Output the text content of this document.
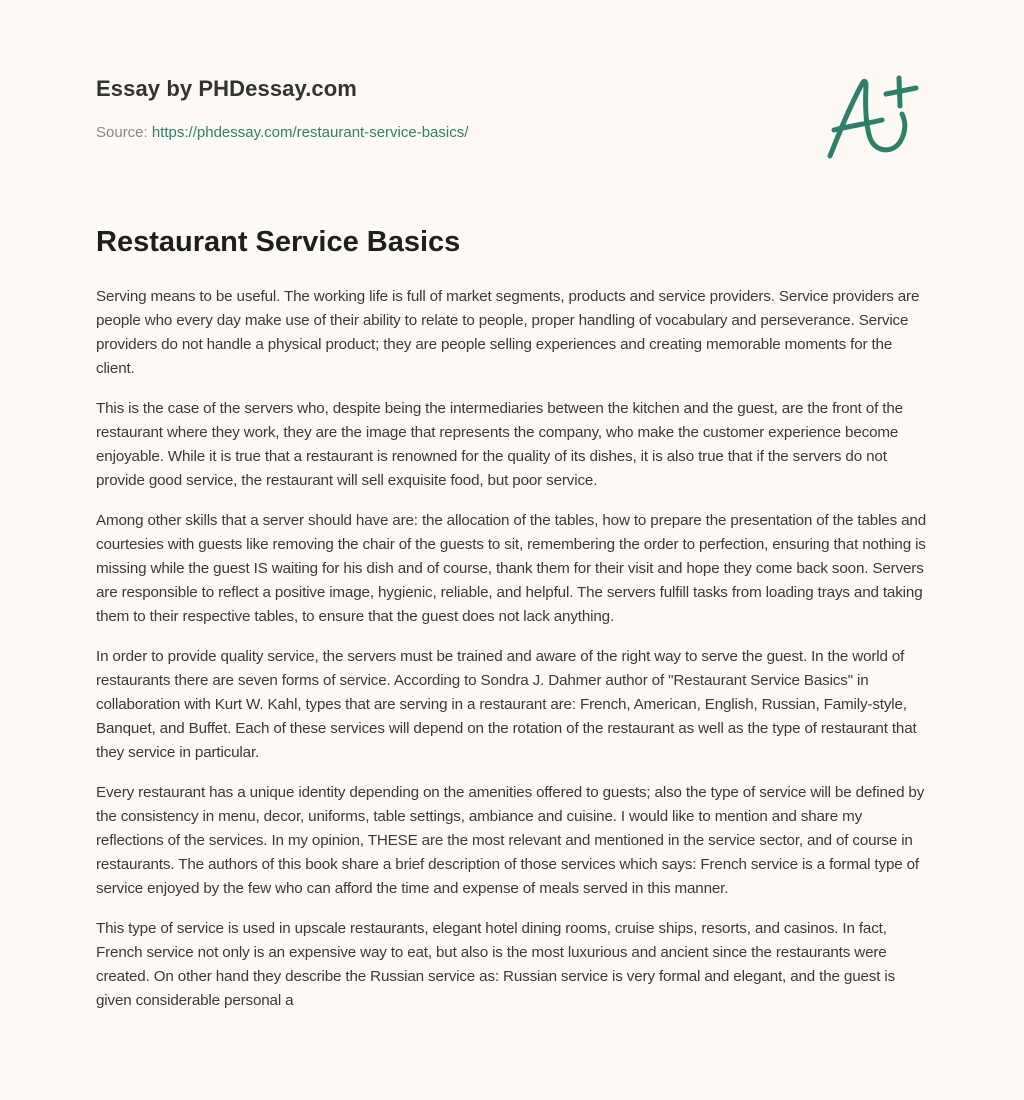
Essay by PHDessay.com
Source: https://phdessay.com/restaurant-service-basics/
Restaurant Service Basics

Serving means to be useful. The working life is full of market segments, products and service providers. Service providers are people who every day make use of their ability to relate to people, proper handling of vocabulary and perseverance. Service providers do not handle a physical product; they are people selling experiences and creating memorable moments for the client.

This is the case of the servers who, despite being the intermediaries between the kitchen and the guest, are the front of the restaurant where they work, they are the image that represents the company, who make the customer experience become enjoyable. While it is true that a restaurant is renowned for the quality of its dishes, it is also true that if the servers do not provide good service, the restaurant will sell exquisite food, but poor service.

Among other skills that a server should have are: the allocation of the tables, how to prepare the presentation of the tables and courtesies with guests like removing the chair of the guests to sit, remembering the order to perfection, ensuring that nothing is missing while the guest IS waiting for his dish and of course, thank them for their visit and hope they come back soon. Servers are responsible to reflect a positive image, hygienic, reliable, and helpful. The servers fulfill tasks from loading trays and taking them to their respective tables, to ensure that the guest does not lack anything.

In order to provide quality service, the servers must be trained and aware of the right way to serve the guest. In the world of restaurants there are seven forms of service. According to Sondra J. Dahmer author of "Restaurant Service Basics" in collaboration with Kurt W. Kahl, types that are serving in a restaurant are: French, American, English, Russian, Family-style, Banquet, and Buffet. Each of these services will depend on the rotation of the restaurant as well as the type of restaurant that they service in particular.

Every restaurant has a unique identity depending on the amenities offered to guests; also the type of service will be defined by the consistency in menu, decor, uniforms, table settings, ambiance and cuisine. I would like to mention and share my reflections of the services. In my opinion, THESE are the most relevant and mentioned in the service sector, and of course in restaurants. The authors of this book share a brief description of those services which says: French service is a formal type of service enjoyed by the few who can afford the time and expense of meals served in this manner.

This type of service is used in upscale restaurants, elegant hotel dining rooms, cruise ships, resorts, and casinos. In fact, French service not only is an expensive way to eat, but also is the most luxurious and ancient since the restaurants were created. On other hand they describe the Russian service as: Russian service is very formal and elegant, and the guest is given considerable personal a
